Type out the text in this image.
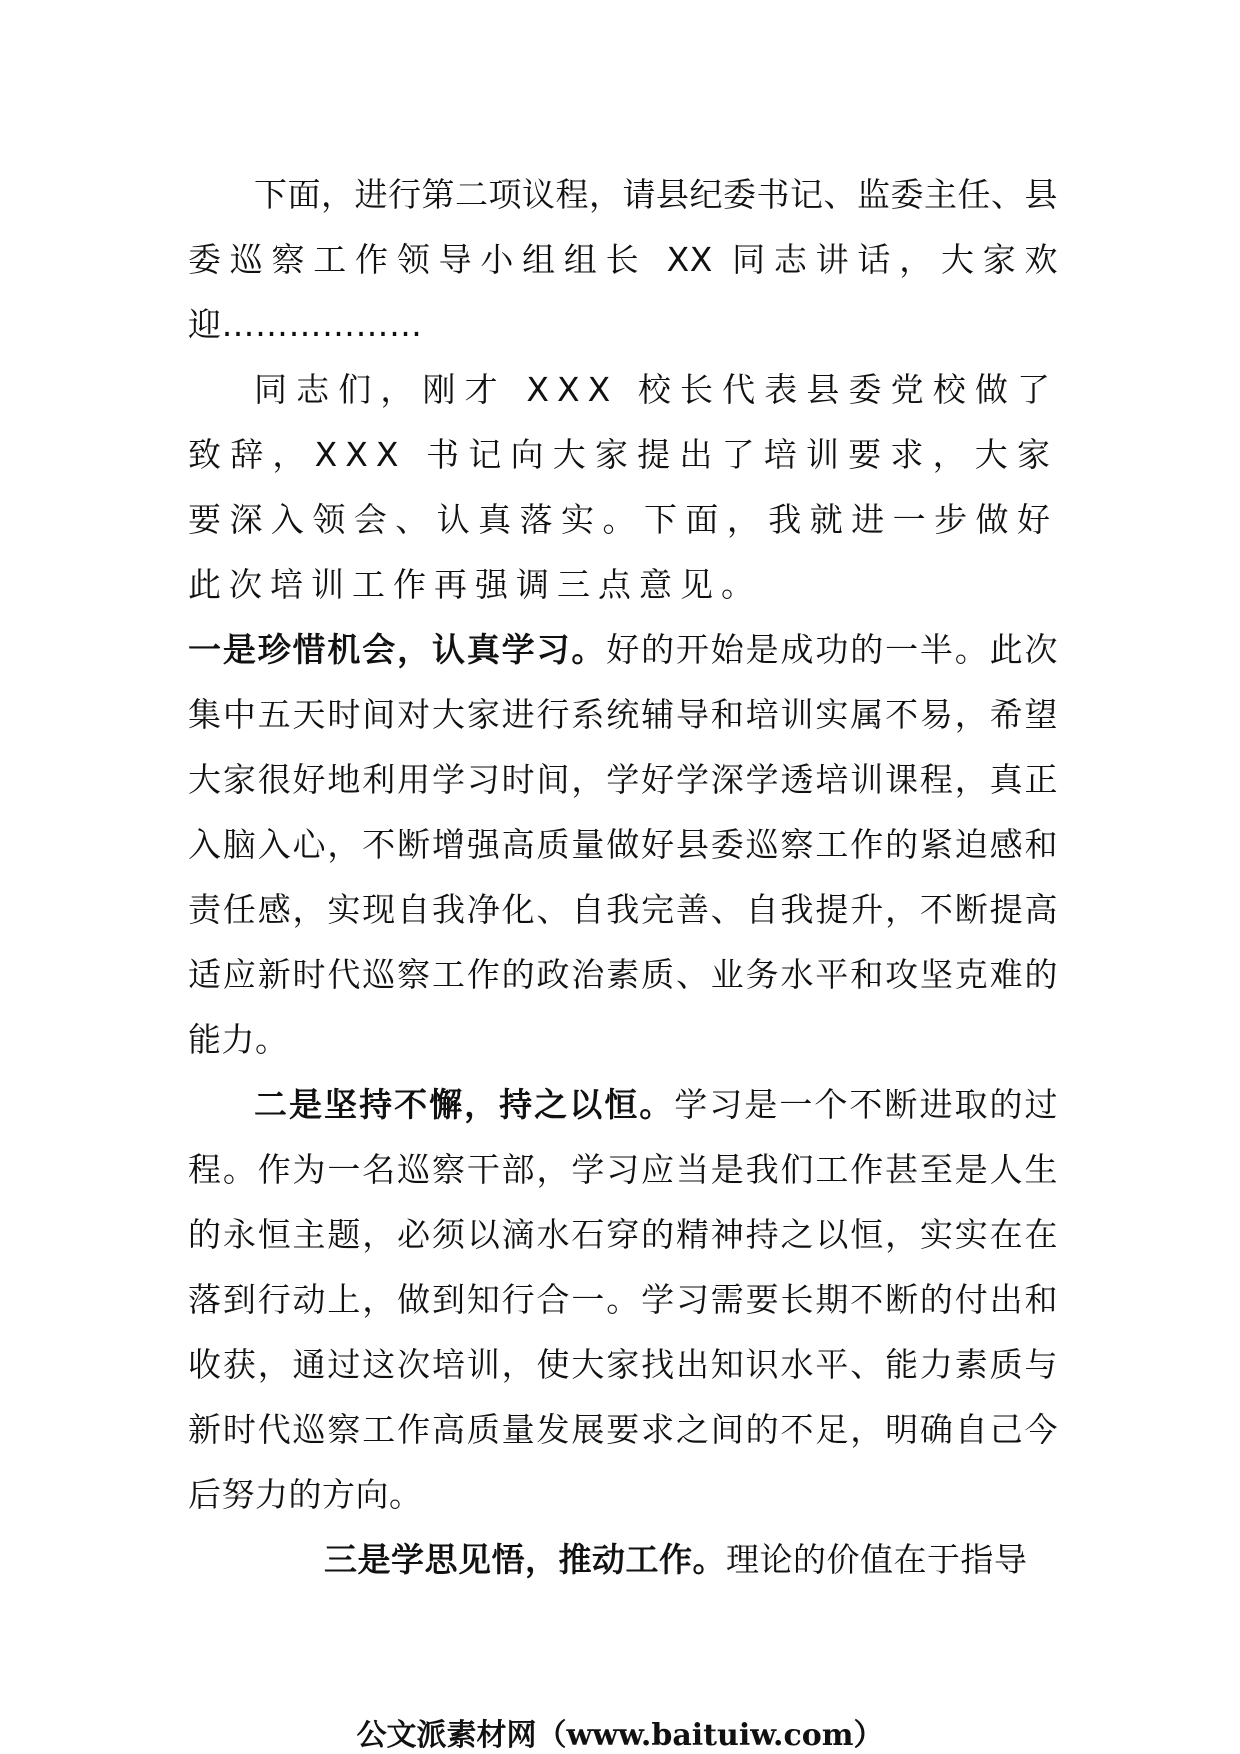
下面，进行第二项议程，请县纪委书记、监委主任、县委巡察工作领导小组组长 XX 同志讲话，大家欢迎………………

同志们，刚才 XXX 校长代表县委党校做了致辞，XXX 书记向大家提出了培训要求，大家要深入领会、认真落实。下面，我就进一步做好此次培训工作再强调三点意见。

一是珍惜机会，认真学习。好的开始是成功的一半。此次集中五天时间对大家进行系统辅导和培训实属不易，希望大家很好地利用学习时间，学好学深学透培训课程，真正入脑入心，不断增强高质量做好县委巡察工作的紧迫感和责任感，实现自我净化、自我完善、自我提升，不断提高适应新时代巡察工作的政治素质、业务水平和攻坚克难的能力。

二是坚持不懈，持之以恒。学习是一个不断进取的过程。作为一名巡察干部，学习应当是我们工作甚至是人生的永恒主题，必须以滴水石穿的精神持之以恒，实实在在落到行动上，做到知行合一。学习需要长期不断的付出和收获，通过这次培训，使大家找出知识水平、能力素质与新时代巡察工作高质量发展要求之间的不足，明确自己今后努力的方向。

三是学思见悟，推动工作。理论的价值在于指导

公文派素材网（www.baituiw.com）
